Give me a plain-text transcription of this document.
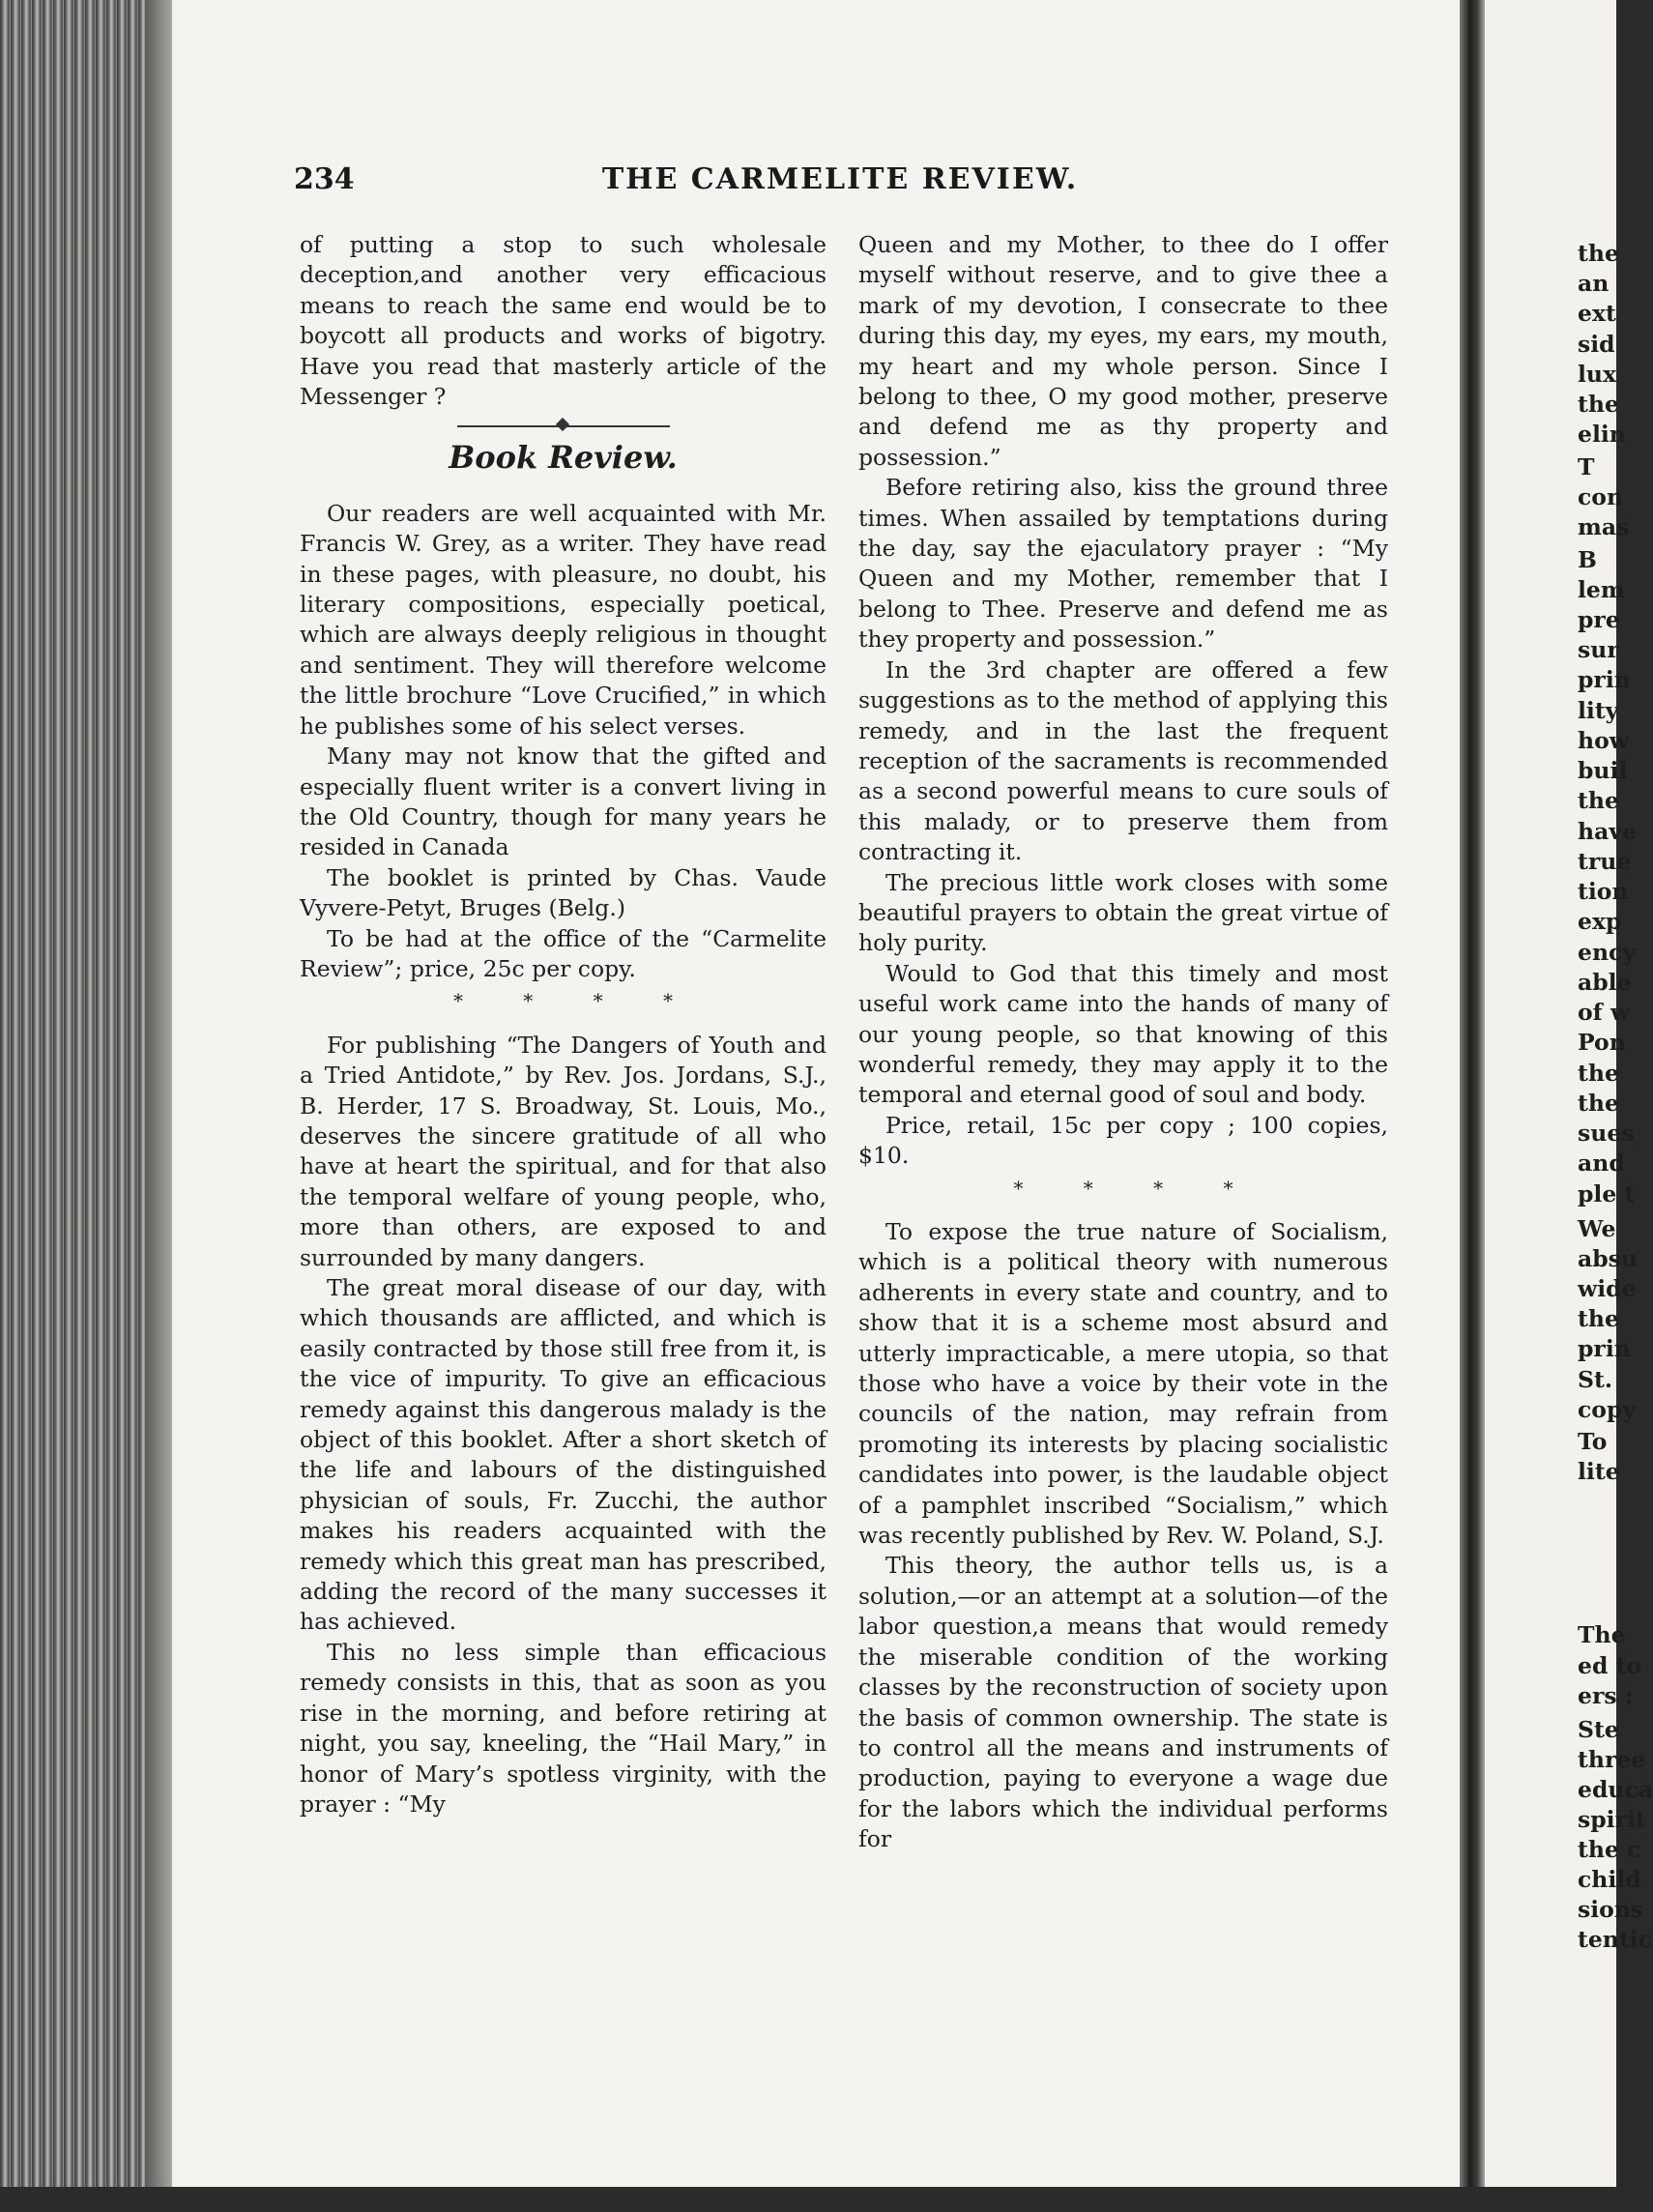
THE CARMELITE REVIEW.
234

of putting a stop to such wholesale deception,and another very efficacious means to reach the same end would be to boycott all products and works of bigotry. Have you read that masterly article of the Messenger ?

Book Review.

Our readers are well acquainted with Mr. Francis W. Grey, as a writer. They have read in these pages, with pleasure, no doubt, his literary compositions, especially poetical, which are always deeply religious in thought and sentiment. They will therefore welcome the little brochure “Love Crucified,” in which he publishes some of his select verses.

Many may not know that the gifted and especially fluent writer is a convert living in the Old Country, though for many years he resided in Canada

The booklet is printed by Chas. Vaude Vyvere-Petyt, Bruges (Belg.)

To be had at the office of the “Carmelite Review”; price, 25c per copy.

* * * *

For publishing “The Dangers of Youth and a Tried Antidote,” by Rev. Jos. Jordans, S.J., B. Herder, 17 S. Broadway, St. Louis, Mo., deserves the sincere gratitude of all who have at heart the spiritual, and for that also the temporal welfare of young people, who, more than others, are exposed to and surrounded by many dangers.

The great moral disease of our day, with which thousands are afflicted, and which is easily contracted by those still free from it, is the vice of impurity. To give an efficacious remedy against this dangerous malady is the object of this booklet. After a short sketch of the life and labours of the distinguished physician of souls, Fr. Zucchi, the author makes his readers acquainted with the remedy which this great man has prescribed, adding the record of the many successes it has achieved.

This no less simple than efficacious remedy consists in this, that as soon as you rise in the morning, and before retiring at night, you say, kneeling, the “Hail Mary,” in honor of Mary’s spotless virginity, with the prayer : “My

Queen and my Mother, to thee do I offer myself without reserve, and to give thee a mark of my devotion, I consecrate to thee during this day, my eyes, my ears, my mouth, my heart and my whole person. Since I belong to thee, O my good mother, preserve and defend me as thy property and possession.”

Before retiring also, kiss the ground three times. When assailed by temptations during the day, say the ejaculatory prayer : “My Queen and my Mother, remember that I belong to Thee. Preserve and defend me as they property and possession.”

In the 3rd chapter are offered a few suggestions as to the method of applying this remedy, and in the last the frequent reception of the sacraments is recommended as a second powerful means to cure souls of this malady, or to preserve them from contracting it.

The precious little work closes with some beautiful prayers to obtain the great virtue of holy purity.

Would to God that this timely and most useful work came into the hands of many of our young people, so that knowing of this wonderful remedy, they may apply it to the temporal and eternal good of soul and body.

Price, retail, 15c per copy ; 100 copies, $10.

* * * *

To expose the true nature of Socialism, which is a political theory with numerous adherents in every state and country, and to show that it is a scheme most absurd and utterly impracticable, a mere utopia, so that those who have a voice by their vote in the councils of the nation, may refrain from promoting its interests by placing socialistic candidates into power, is the laudable object of a pamphlet inscribed “Socialism,” which was recently published by Rev. W. Poland, S.J.

This theory, the author tells us, is a solution,—or an attempt at a solution—of the labor question,a means that would remedy the miserable condition of the working classes by the reconstruction of society upon the basis of common ownership. The state is to control all the means and instruments of production, paying to everyone a wage due for the labors which the individual performs for

the
an
ext
sid
lux
the
elin
T
con
mas
B
lem
pre
sur
prin
lity
how
buil
the
have
true
tion
exp
ency
able
of w
Pon
the
the
sues
and
ple t
We
absu
wide
the
prin
St.
copy
To
lite
The
ed to
ers :
Ste
three
educa
spirit
the c
child
sions
tentic
